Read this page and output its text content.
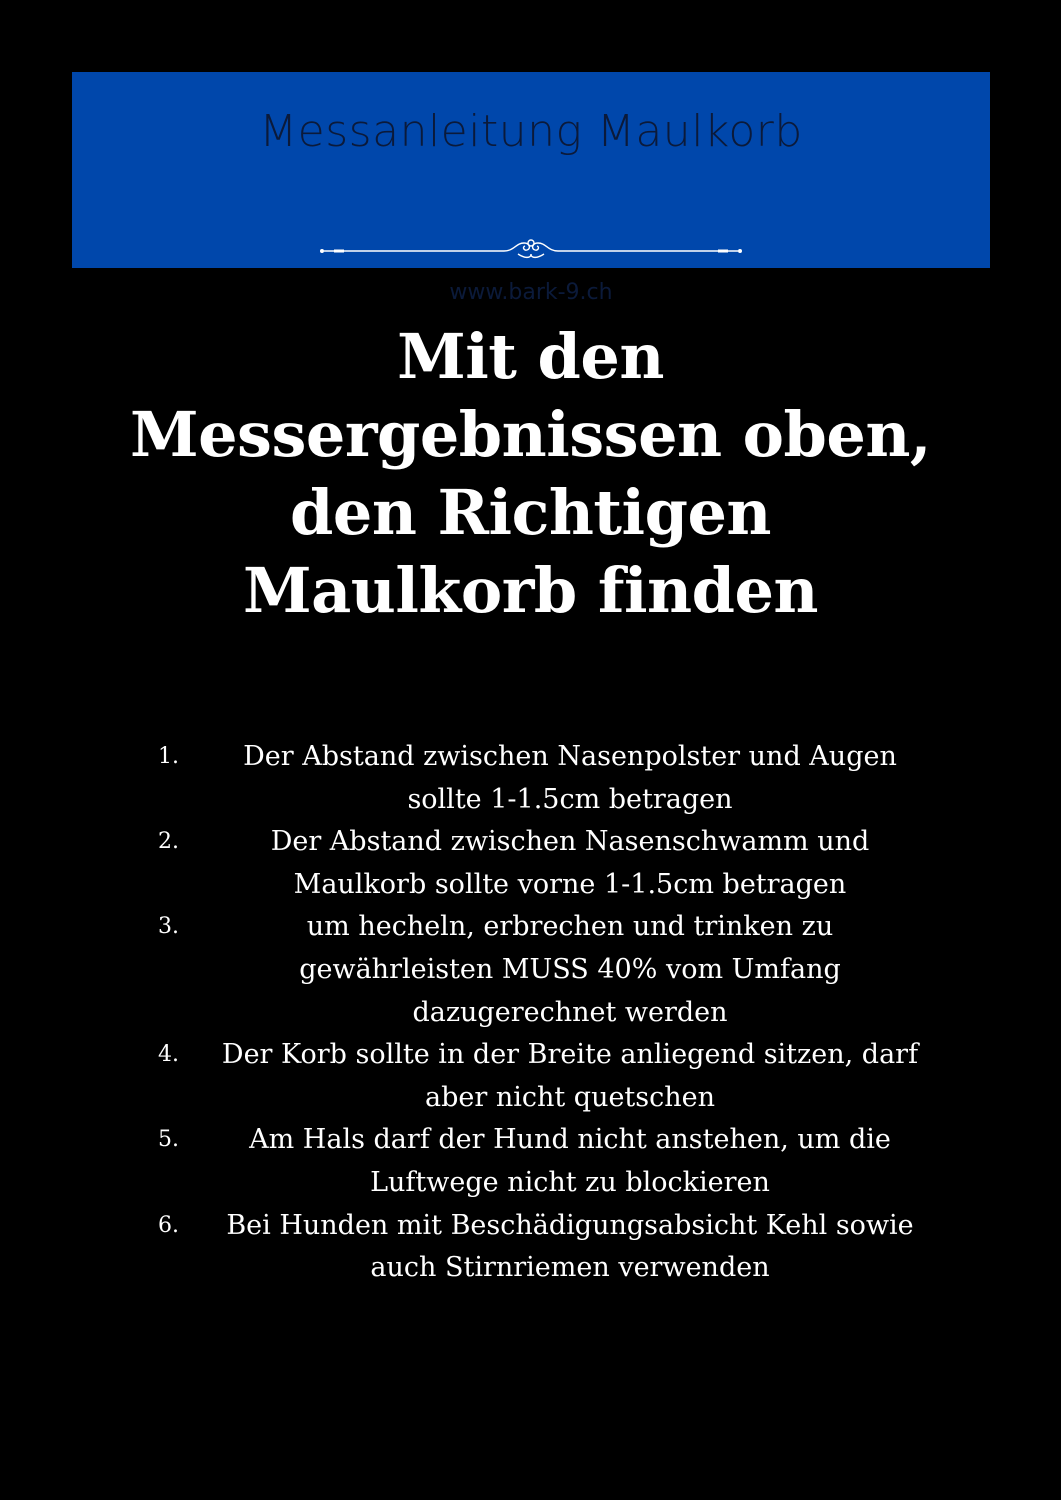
Messanleitung Maulkorb
www.bark-9.ch
Mit den
Messergebnissen oben,
den Richtigen
Maulkorb finden
1.	Der Abstand zwischen Nasenpolster und Augen sollte 1-1.5cm betragen
2.	Der Abstand zwischen Nasenschwamm und Maulkorb sollte vorne 1-1.5cm betragen
3.	um hecheln, erbrechen und trinken zu gewährleisten MUSS 40% vom Umfang dazugerechnet werden
4.	Der Korb sollte in der Breite anliegend sitzen, darf aber nicht quetschen
5.	Am Hals darf der Hund nicht anstehen, um die Luftwege nicht zu blockieren
6.	Bei Hunden mit Beschädigungsabsicht Kehl sowie auch Stirnriemen verwenden
